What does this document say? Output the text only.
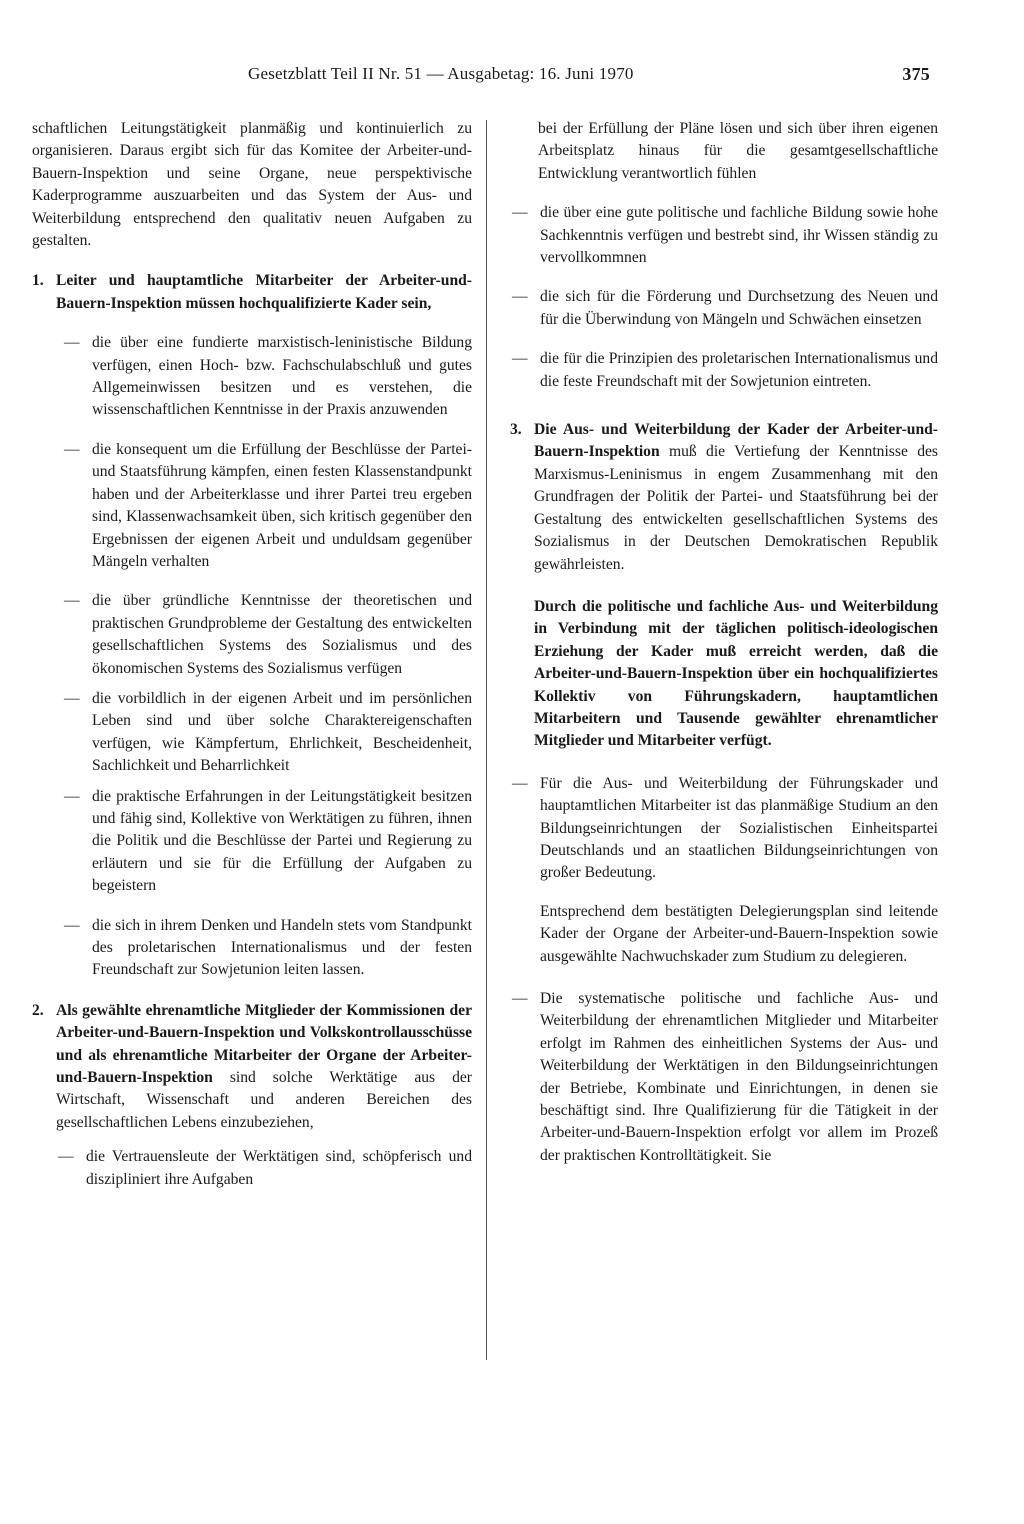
Gesetzblatt Teil II Nr. 51 — Ausgabetag: 16. Juni 1970	375

schaftlichen Leitungstätigkeit planmäßig und kontinuierlich zu organisieren. Daraus ergibt sich für das Komitee der Arbeiter-und-Bauern-Inspektion und seine Organe, neue perspektivische Kaderprogramme auszuarbeiten und das System der Aus- und Weiterbildung entsprechend den qualitativ neuen Aufgaben zu gestalten.

1. Leiter und hauptamtliche Mitarbeiter der Arbeiter-und-Bauern-Inspektion müssen hochqualifizierte Kader sein,
— die über eine fundierte marxistisch-leninistische Bildung verfügen, einen Hoch- bzw. Fachschulabschluß und gutes Allgemeinwissen besitzen und es verstehen, die wissenschaftlichen Kenntnisse in der Praxis anzuwenden
— die konsequent um die Erfüllung der Beschlüsse der Partei- und Staatsführung kämpfen, einen festen Klassenstandpunkt haben und der Arbeiterklasse und ihrer Partei treu ergeben sind, Klassenwachsamkeit üben, sich kritisch gegenüber den Ergebnissen der eigenen Arbeit und unduldsam gegenüber Mängeln verhalten
— die über gründliche Kenntnisse der theoretischen und praktischen Grundprobleme der Gestaltung des entwickelten gesellschaftlichen Systems des Sozialismus und des ökonomischen Systems des Sozialismus verfügen
— die vorbildlich in der eigenen Arbeit und im persönlichen Leben sind und über solche Charaktereigenschaften verfügen, wie Kämpfertum, Ehrlichkeit, Bescheidenheit, Sachlichkeit und Beharrlichkeit
— die praktische Erfahrungen in der Leitungstätigkeit besitzen und fähig sind, Kollektive von Werktätigen zu führen, ihnen die Politik und die Beschlüsse der Partei und Regierung zu erläutern und sie für die Erfüllung der Aufgaben zu begeistern
— die sich in ihrem Denken und Handeln stets vom Standpunkt des proletarischen Internationalismus und der festen Freundschaft zur Sowjetunion leiten lassen.
2. Als gewählte ehrenamtliche Mitglieder der Kommissionen der Arbeiter-und-Bauern-Inspektion und Volkskontrollausschüsse und als ehrenamtliche Mitarbeiter der Organe der Arbeiter-und-Bauern-Inspektion sind solche Werktätige aus der Wirtschaft, Wissenschaft und anderen Bereichen des gesellschaftlichen Lebens einzubeziehen,
— die Vertrauensleute der Werktätigen sind, schöpferisch und diszipliniert ihre Aufgaben

bei der Erfüllung der Pläne lösen und sich über ihren eigenen Arbeitsplatz hinaus für die gesamtgesellschaftliche Entwicklung verantwortlich fühlen

— die über eine gute politische und fachliche Bildung sowie hohe Sachkenntnis verfügen und bestrebt sind, ihr Wissen ständig zu vervollkommnen
— die sich für die Förderung und Durchsetzung des Neuen und für die Überwindung von Mängeln und Schwächen einsetzen
— die für die Prinzipien des proletarischen Internationalismus und die feste Freundschaft mit der Sowjetunion eintreten.
3. Die Aus- und Weiterbildung der Kader der Arbeiter-und-Bauern-Inspektion muß die Vertiefung der Kenntnisse des Marxismus-Leninismus in engem Zusammenhang mit den Grundfragen der Politik der Partei- und Staatsführung bei der Gestaltung des entwickelten gesellschaftlichen Systems des Sozialismus in der Deutschen Demokratischen Republik gewährleisten.

Durch die politische und fachliche Aus- und Weiterbildung in Verbindung mit der täglichen politisch-ideologischen Erziehung der Kader muß erreicht werden, daß die Arbeiter-und-Bauern-Inspektion über ein hochqualifiziertes Kollektiv von Führungskadern, hauptamtlichen Mitarbeitern und Tausende gewählter ehrenamtlicher Mitglieder und Mitarbeiter verfügt.

— Für die Aus- und Weiterbildung der Führungskader und hauptamtlichen Mitarbeiter ist das planmäßige Studium an den Bildungseinrichtungen der Sozialistischen Einheitspartei Deutschlands und an staatlichen Bildungseinrichtungen von großer Bedeutung.

Entsprechend dem bestätigten Delegierungsplan sind leitende Kader der Organe der Arbeiter-und-Bauern-Inspektion sowie ausgewählte Nachwuchskader zum Studium zu delegieren.

— Die systematische politische und fachliche Aus- und Weiterbildung der ehrenamtlichen Mitglieder und Mitarbeiter erfolgt im Rahmen des einheitlichen Systems der Aus- und Weiterbildung der Werktätigen in den Bildungseinrichtungen der Betriebe, Kombinate und Einrichtungen, in denen sie beschäftigt sind. Ihre Qualifizierung für die Tätigkeit in der Arbeiter-und-Bauern-Inspektion erfolgt vor allem im Prozeß der praktischen Kontrolltätigkeit. Sie
